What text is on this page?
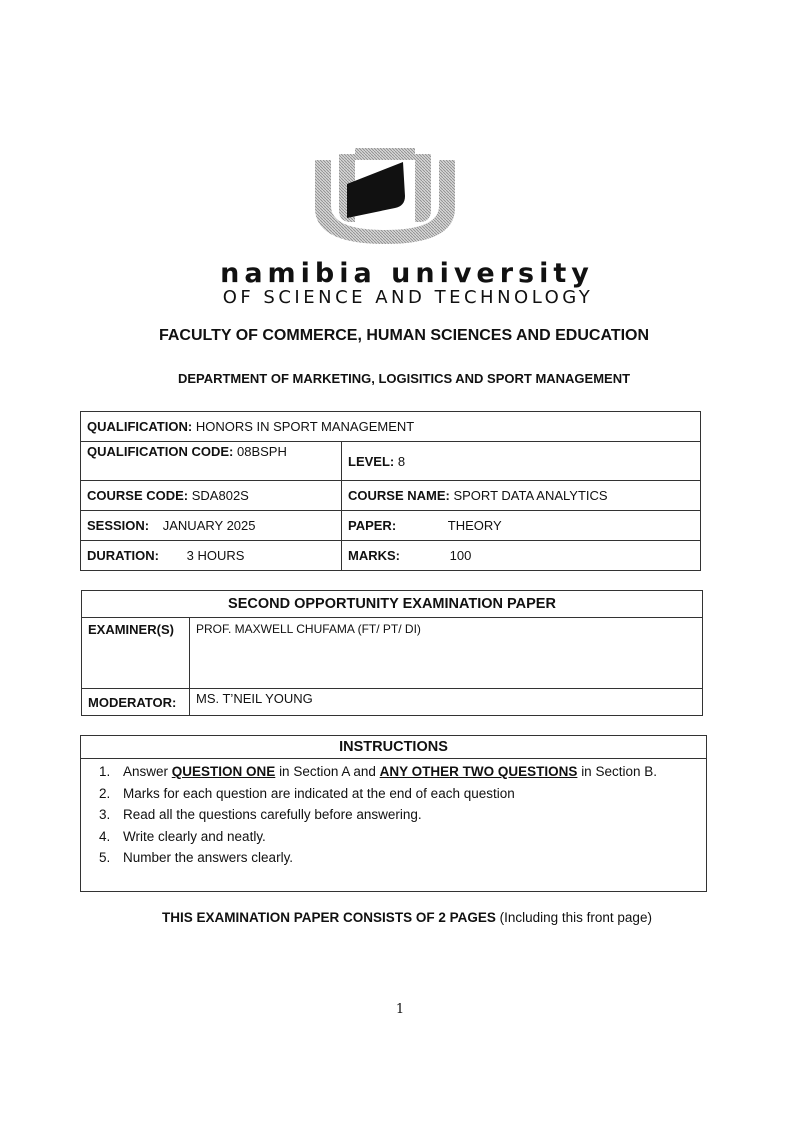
namibia university
OF SCIENCE AND TECHNOLOGY
FACULTY OF COMMERCE, HUMAN SCIENCES AND EDUCATION
DEPARTMENT OF MARKETING, LOGISITICS AND SPORT MANAGEMENT
QUALIFICATION: HONORS IN SPORT MANAGEMENT	
QUALIFICATION CODE: 08BSPH	LEVEL: 8
COURSE CODE: SDA802S	COURSE NAME: SPORT DATA ANALYTICS
SESSION: JANUARY 2025	PAPER: THEORY
DURATION: 3 HOURS	MARKS: 100
SECOND OPPORTUNITY EXAMINATION PAPER	
EXAMINER(S)	PROF. MAXWELL CHUFAMA (FT/ PT/ DI)
MODERATOR:	MS. T’NEIL YOUNG
INSTRUCTIONS

1. Answer QUESTION ONE in Section A and ANY OTHER TWO QUESTIONS in Section B.
2. Marks for each question are indicated at the end of each question
3. Read all the questions carefully before answering.
4. Write clearly and neatly.
5. Number the answers clearly.
THIS EXAMINATION PAPER CONSISTS OF 2 PAGES (Including this front page)
1
